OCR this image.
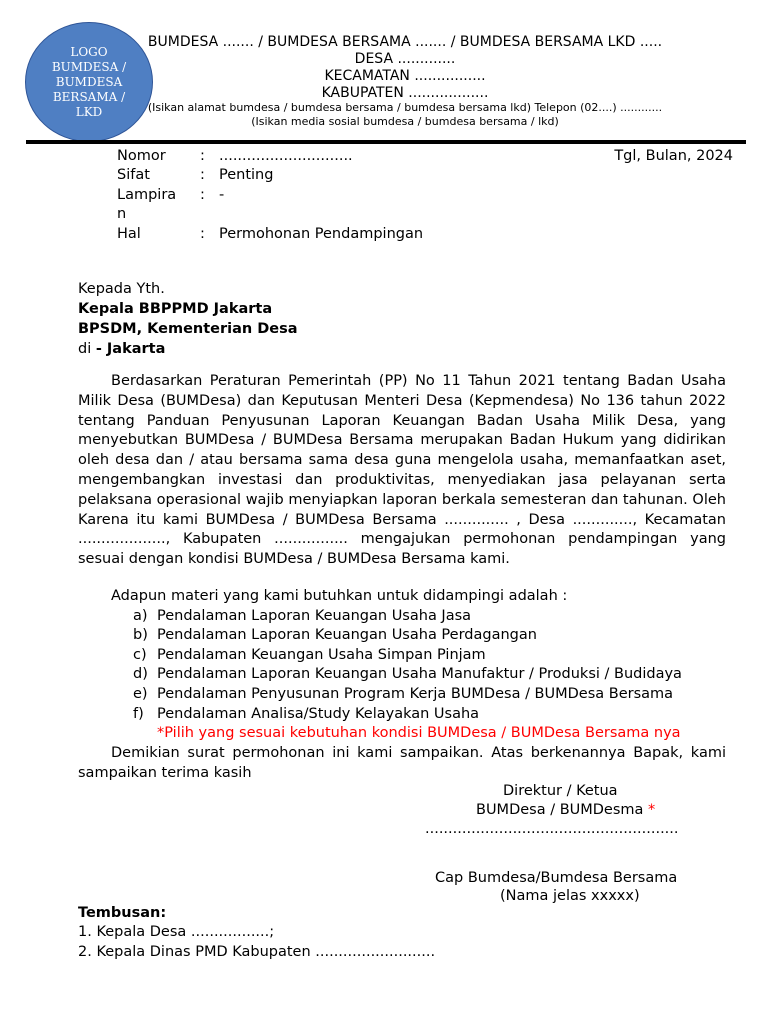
LOGO BUMDESA / BUMDESA BERSAMA / LKD
BUMDESA ....... / BUMDESA BERSAMA ....... / BUMDESA BERSAMA LKD .....
DESA .............
KECAMATAN ................
KABUPATEN ..................
(Isikan alamat bumdesa / bumdesa bersama / bumdesa bersama lkd) Telepon (02....) ............
(Isikan media sosial bumdesa / bumdesa bersama / lkd)
Nomor : .............................	Tgl, Bulan, 2024
Sifat	: Penting
Lampira : -
n
Hal	: Permohonan Pendampingan
Kepada Yth.
Kepala BBPPMD Jakarta
BPSDM, Kementerian Desa
di - Jakarta
Berdasarkan Peraturan Pemerintah (PP) No 11 Tahun 2021 tentang Badan Usaha Milik Desa (BUMDesa) dan Keputusan Menteri Desa (Kepmendesa) No 136 tahun 2022 tentang Panduan Penyusunan Laporan Keuangan Badan Usaha Milik Desa, yang menyebutkan BUMDesa / BUMDesa Bersama merupakan Badan Hukum yang didirikan oleh desa dan / atau bersama sama desa guna mengelola usaha, memanfaatkan aset, mengembangkan investasi dan produktivitas, menyediakan jasa pelayanan serta pelaksana operasional wajib menyiapkan laporan berkala semesteran dan tahunan. Oleh Karena itu kami BUMDesa / BUMDesa Bersama .............. , Desa ............., Kecamatan ..................., Kabupaten ................ mengajukan permohonan pendampingan yang sesuai dengan kondisi BUMDesa / BUMDesa Bersama kami.
Adapun materi yang kami butuhkan untuk didampingi adalah :
a) Pendalaman Laporan Keuangan Usaha Jasa
b) Pendalaman Laporan Keuangan Usaha Perdagangan
c) Pendalaman Keuangan Usaha Simpan Pinjam
d) Pendalaman Laporan Keuangan Usaha Manufaktur / Produksi / Budidaya
e) Pendalaman Penyusunan Program Kerja BUMDesa / BUMDesa Bersama
f) Pendalaman Analisa/Study Kelayakan Usaha
*Pilih yang sesuai kebutuhan kondisi BUMDesa / BUMDesa Bersama nya
Demikian surat permohonan ini kami sampaikan. Atas berkenannya Bapak, kami sampaikan terima kasih
Direktur / Ketua
BUMDesa / BUMDesma *
.......................................................
Cap Bumdesa/Bumdesa Bersama
(Nama jelas xxxxx)
Tembusan:
1. Kepala Desa .................;
2. Kepala Dinas PMD Kabupaten ..........................
